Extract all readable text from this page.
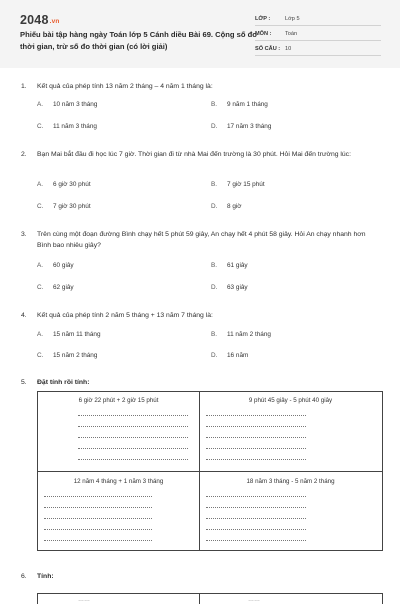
2048.vn
Phiếu bài tập hàng ngày Toán lớp 5 Cánh diều Bài 69. Cộng số đo thời gian, trừ số đo thời gian (có lời giải)
LỚP :	Lớp 5
MÔN : Toán
SỐ CÂU : 10
1.	Kết quả của phép tính 13 năm 2 tháng – 4 năm 1 tháng là:
A. 10 năm 3 tháng	B. 9 năm 1 tháng
C. 11 năm 3 tháng	D. 17 năm 3 tháng
2.	Bạn Mai bắt đầu đi học lúc 7 giờ. Thời gian đi từ nhà Mai đến trường là 30 phút. Hỏi Mai đến trường lúc:
A. 6 giờ 30 phút	B. 7 giờ 15 phút
C. 7 giờ 30 phút	D. 8 giờ
3.	Trên cùng một đoạn đường Bình chạy hết 5 phút 59 giây, An chạy hết 4 phút 58 giây. Hỏi An chạy nhanh hơn Bình bao nhiêu giây?
A. 60 giây	B. 61 giây
C. 62 giây	D. 63 giây
4.	Kết quả của phép tính 2 năm 5 tháng + 13 năm 7 tháng là:
A. 15 năm 11 tháng	B. 11 năm 2 tháng
C. 15 năm 2 tháng	D. 16 năm
5. Đặt tính rồi tính:
6 giờ 22 phút + 2 giờ 15 phút	9 phút 45 giây - 5 phút 40 giây
12 năm 4 tháng + 1 năm 3 tháng	18 năm 3 tháng - 5 năm 2 tháng
6. Tính:
……	……
